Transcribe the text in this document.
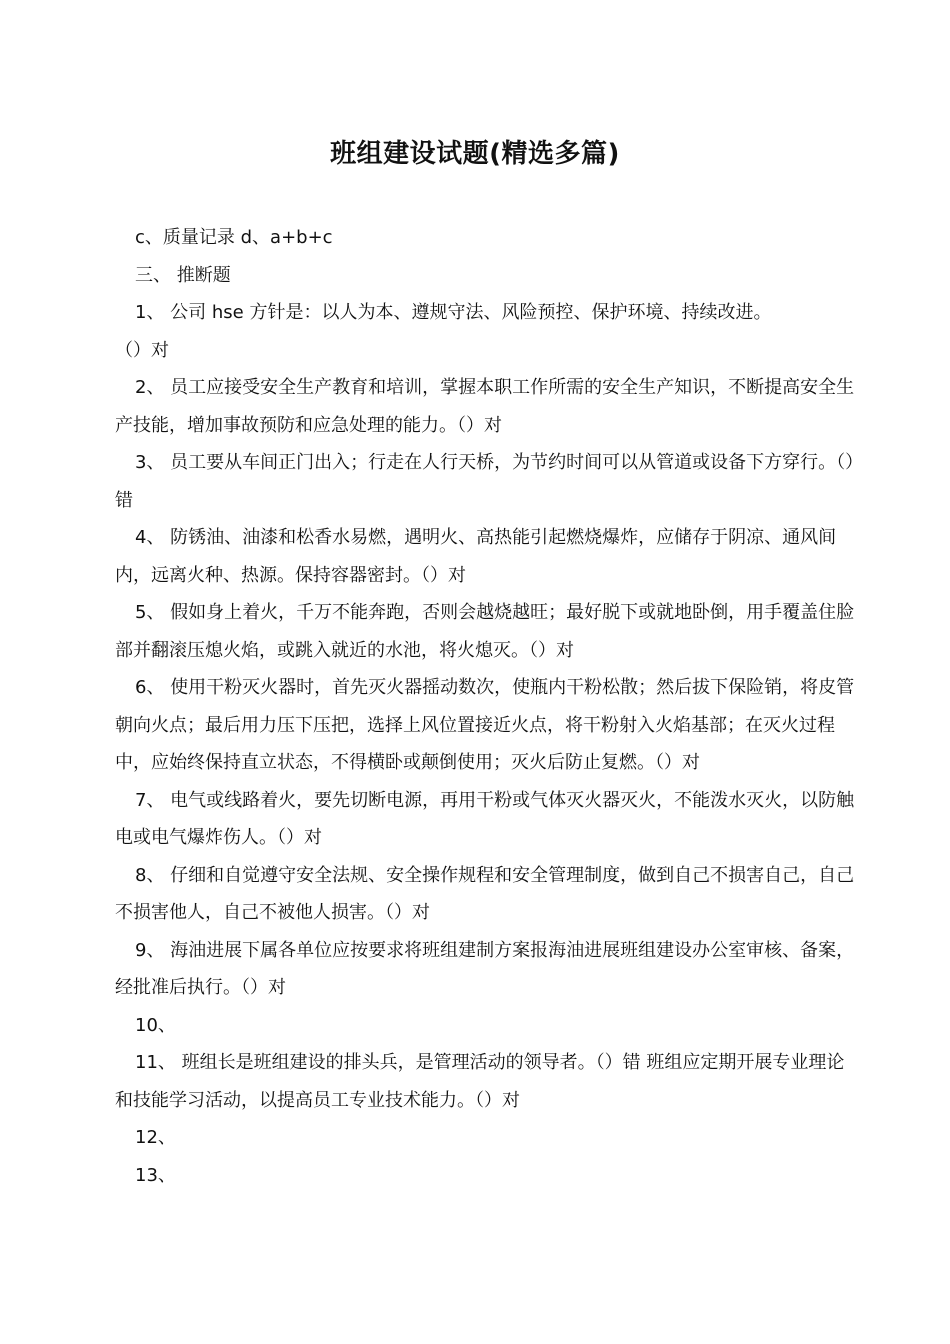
班组建设试题(精选多篇)

c、质量记录 d、a+b+c

三、 推断题

1、 公司 hse 方针是：以人为本、遵规守法、风险预控、保护环境、持续改进。

（）对

2、 员工应接受安全生产教育和培训，掌握本职工作所需的安全生产知识，不断提高安全生产技能，增加事故预防和应急处理的能力。（）对

3、 员工要从车间正门出入；行走在人行天桥，为节约时间可以从管道或设备下方穿行。（）错

4、 防锈油、油漆和松香水易燃，遇明火、高热能引起燃烧爆炸，应储存于阴凉、通风间内，远离火种、热源。保持容器密封。（）对

5、 假如身上着火，千万不能奔跑，否则会越烧越旺；最好脱下或就地卧倒，用手覆盖住脸部并翻滚压熄火焰，或跳入就近的水池，将火熄灭。（）对

6、 使用干粉灭火器时，首先灭火器摇动数次，使瓶内干粉松散；然后拔下保险销，将皮管朝向火点；最后用力压下压把，选择上风位置接近火点，将干粉射入火焰基部；在灭火过程中，应始终保持直立状态，不得横卧或颠倒使用；灭火后防止复燃。（）对

7、 电气或线路着火，要先切断电源，再用干粉或气体灭火器灭火，不能泼水灭火，以防触电或电气爆炸伤人。（）对

8、 仔细和自觉遵守安全法规、安全操作规程和安全管理制度，做到自己不损害自己，自己不损害他人，自己不被他人损害。（）对

9、 海油进展下属各单位应按要求将班组建制方案报海油进展班组建设办公室审核、备案，经批准后执行。（）对

10、

11、 班组长是班组建设的排头兵，是管理活动的领导者。（）错 班组应定期开展专业理论和技能学习活动，以提高员工专业技术能力。（）对

12、

13、
